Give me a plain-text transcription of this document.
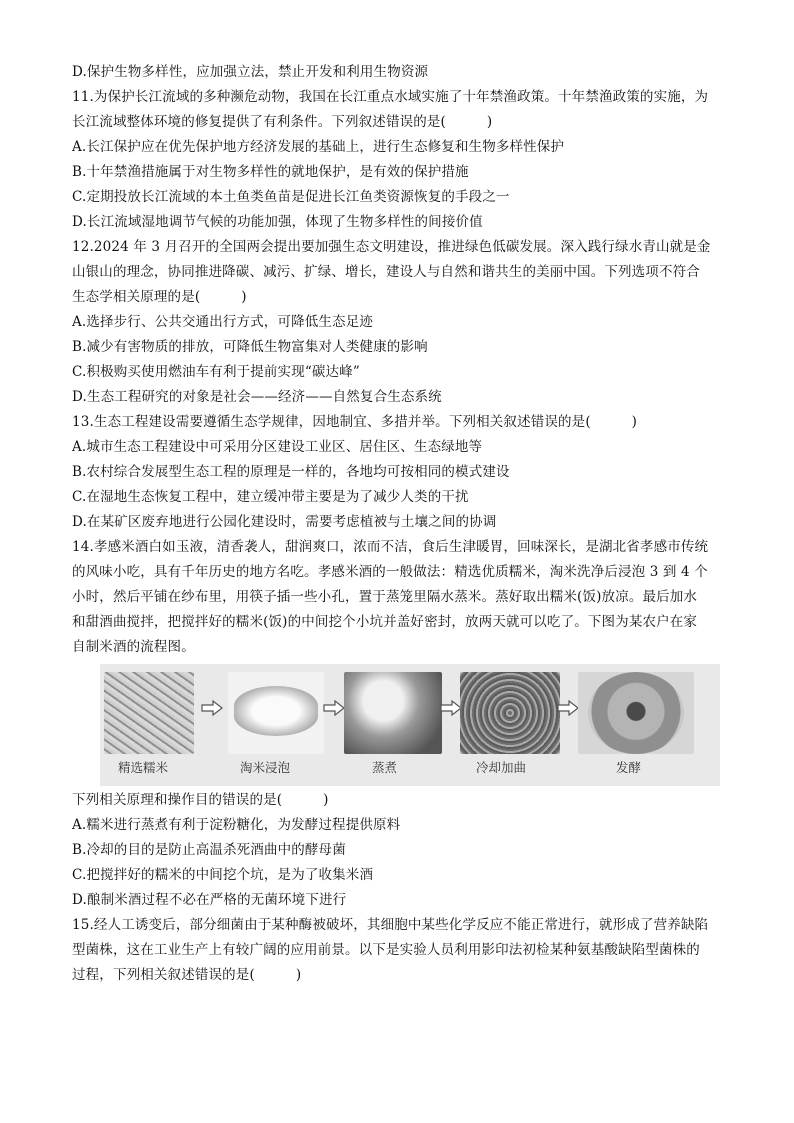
D.保护生物多样性，应加强立法，禁止开发和利用生物资源
11.为保护长江流域的多种濒危动物，我国在长江重点水域实施了十年禁渔政策。十年禁渔政策的实施，为
长江流域整体环境的修复提供了有利条件。下列叙述错误的是(　　　)
A.长江保护应在优先保护地方经济发展的基础上，进行生态修复和生物多样性保护
B.十年禁渔措施属于对生物多样性的就地保护，是有效的保护措施
C.定期投放长江流域的本土鱼类鱼苗是促进长江鱼类资源恢复的手段之一
D.长江流域湿地调节气候的功能加强，体现了生物多样性的间接价值
12.2024 年 3 月召开的全国两会提出要加强生态文明建设，推进绿色低碳发展。深入践行绿水青山就是金
山银山的理念，协同推进降碳、减污、扩绿、增长，建设人与自然和谐共生的美丽中国。下列选项不符合
生态学相关原理的是(　　　)
A.选择步行、公共交通出行方式，可降低生态足迹
B.减少有害物质的排放，可降低生物富集对人类健康的影响
C.积极购买使用燃油车有利于提前实现“碳达峰”
D.生态工程研究的对象是社会——经济——自然复合生态系统
13.生态工程建设需要遵循生态学规律，因地制宜、多措并举。下列相关叙述错误的是(　　　)
A.城市生态工程建设中可采用分区建设工业区、居住区、生态绿地等
B.农村综合发展型生态工程的原理是一样的，各地均可按相同的模式建设
C.在湿地生态恢复工程中，建立缓冲带主要是为了减少人类的干扰
D.在某矿区废弃地进行公园化建设时，需要考虑植被与土壤之间的协调
14.孝感米酒白如玉液，清香袭人，甜润爽口，浓而不洁，食后生津暖胃，回味深长，是湖北省孝感市传统
的风味小吃，具有千年历史的地方名吃。孝感米酒的一般做法：精选优质糯米，淘米洗净后浸泡 3 到 4 个
小时，然后平铺在纱布里，用筷子插一些小孔，置于蒸笼里隔水蒸米。蒸好取出糯米(饭)放凉。最后加水
和甜酒曲搅拌，把搅拌好的糯米(饭)的中间挖个小坑并盖好密封，放两天就可以吃了。下图为某农户在家
自制米酒的流程图。
精选糯米	淘米浸泡	蒸煮	冷却加曲	发酵
下列相关原理和操作目的错误的是(　　　)
A.糯米进行蒸煮有利于淀粉糖化，为发酵过程提供原料
B.冷却的目的是防止高温杀死酒曲中的酵母菌
C.把搅拌好的糯米的中间挖个坑，是为了收集米酒
D.酿制米酒过程不必在严格的无菌环境下进行
15.经人工诱变后，部分细菌由于某种酶被破坏，其细胞中某些化学反应不能正常进行，就形成了营养缺陷
型菌株，这在工业生产上有较广阔的应用前景。以下是实验人员利用影印法初检某种氨基酸缺陷型菌株的
过程，下列相关叙述错误的是(　　　)
